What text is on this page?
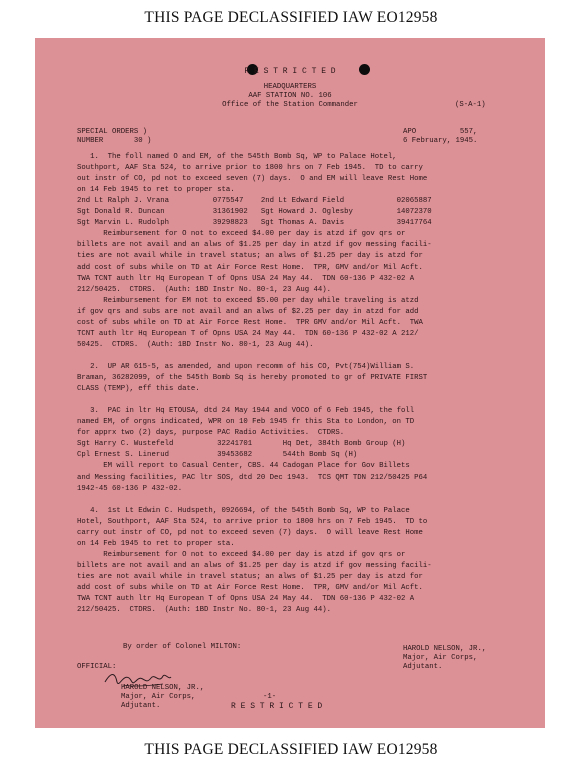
THIS PAGE DECLASSIFIED IAW EO12958
R E S T R I C T E D
HEADQUARTERS
AAF STATION NO. 106
Office of the Station Commander	(S-A-1)
SPECIAL ORDERS )
NUMBER       30 )
APO          557,
6 February, 1945.
1.  The foll named O and EM, of the 545th Bomb Sq, WP to Palace Hotel,
Southport, AAF Sta 524, to arrive prior to 1800 hrs on 7 Feb 1945.  TD to carry
out instr of CO, pd not to exceed seven (7) days.  O and EM will leave Rest Home
on 14 Feb 1945 to ret to proper sta.
2nd Lt Ralph J. Vrana          0775547    2nd Lt Edward Field            02065887
Sgt Donald R. Duncan           31361902   Sgt Howard J. Oglesby          14072370
Sgt Marvin L. Rudolph          39298823   Sgt Thomas A. Davis            39417764
Reimbursement for O not to exceed $4.00 per day is atzd if gov qrs or
billets are not avail and an alws of $1.25 per day in atzd if gov messing facili-
ties are not avail while in travel status; an alws of $1.25 per day is atzd for
add cost of subs while on TD at Air Force Rest Home.  TPR, GMV and/or Mil Acft.
TWA TCNT auth ltr Hq European T of Opns USA 24 May 44.  TDN 60-136 P 432-02 A
212/50425.  CTDRS.  (Auth: 1BD Instr No. 80-1, 23 Aug 44).
Reimbursement for EM not to exceed $5.00 per day while traveling is atzd
if gov qrs and subs are not avail and an alws of $2.25 per day in atzd for add
cost of subs while on TD at Air Force Rest Home.  TPR GMV and/or Mil Acft.  TWA
TCNT auth ltr Hq European T of Opns USA 24 May 44.  TDN 60-136 P 432-02 A 212/
50425.  CTDRS.  (Auth: 1BD Instr No. 80-1, 23 Aug 44).
2.  UP AR 615-5, as amended, and upon recomm of his CO, Pvt(754)William S.
Braman, 36282099, of the 545th Bomb Sq is hereby promoted to gr of PRIVATE FIRST
CLASS (TEMP), eff this date.
3.  PAC in ltr Hq ETOUSA, dtd 24 May 1944 and VOCO of 6 Feb 1945, the foll
named EM, of orgns indicated, WPR on 10 Feb 1945 fr this Sta to London, on TD
for apprx two (2) days, purpose PAC Radio Activities.  CTDRS.
Sgt Harry C. Wustefeld          32241701       Hq Det, 384th Bomb Group (H)
Cpl Ernest S. Linerud           39453682       544th Bomb Sq (H)
EM will report to Casual Center, CBS. 44 Cadogan Place for Gov Billets
and Messing facilities, PAC ltr SOS, dtd 20 Dec 1943.  TCS QMT TDN 212/50425 P64
1942-45 60-136 P 432-02.
4.  1st Lt Edwin C. Hudspeth, 0926694, of the 545th Bomb Sq, WP to Palace
Hotel, Southport, AAF Sta 524, to arrive prior to 1800 hrs on 7 Feb 1945.  TD to
carry out instr of CO, pd not to exceed seven (7) days.  O will leave Rest Home
on 14 Feb 1945 to ret to proper sta.
Reimbursement for O not to exceed $4.00 per day is atzd if gov qrs or
billets are not avail and an alws of $1.25 per day is atzd if gov messing facili-
ties are not avail while in travel status; an alws of $1.25 per day is atzd for
add cost of subs while on TD at Air Force Rest Home.  TPR, GMV and/or Mil Acft.
TWA TCNT auth ltr Hq European T of Opns USA 24 May 44.  TDN 60-136 P 432-02 A
212/50425.  CTDRS.  (Auth: 1BD Instr No. 80-1, 23 Aug 44).
By order of Colonel MILTON:
OFFICIAL:
HAROLD NELSON, JR.,
Major, Air Corps,
Adjutant.
HAROLD NELSON, JR.,
Major, Air Corps,
Adjutant.
-1-
R E S T R I C T E D
THIS PAGE DECLASSIFIED IAW EO12958
